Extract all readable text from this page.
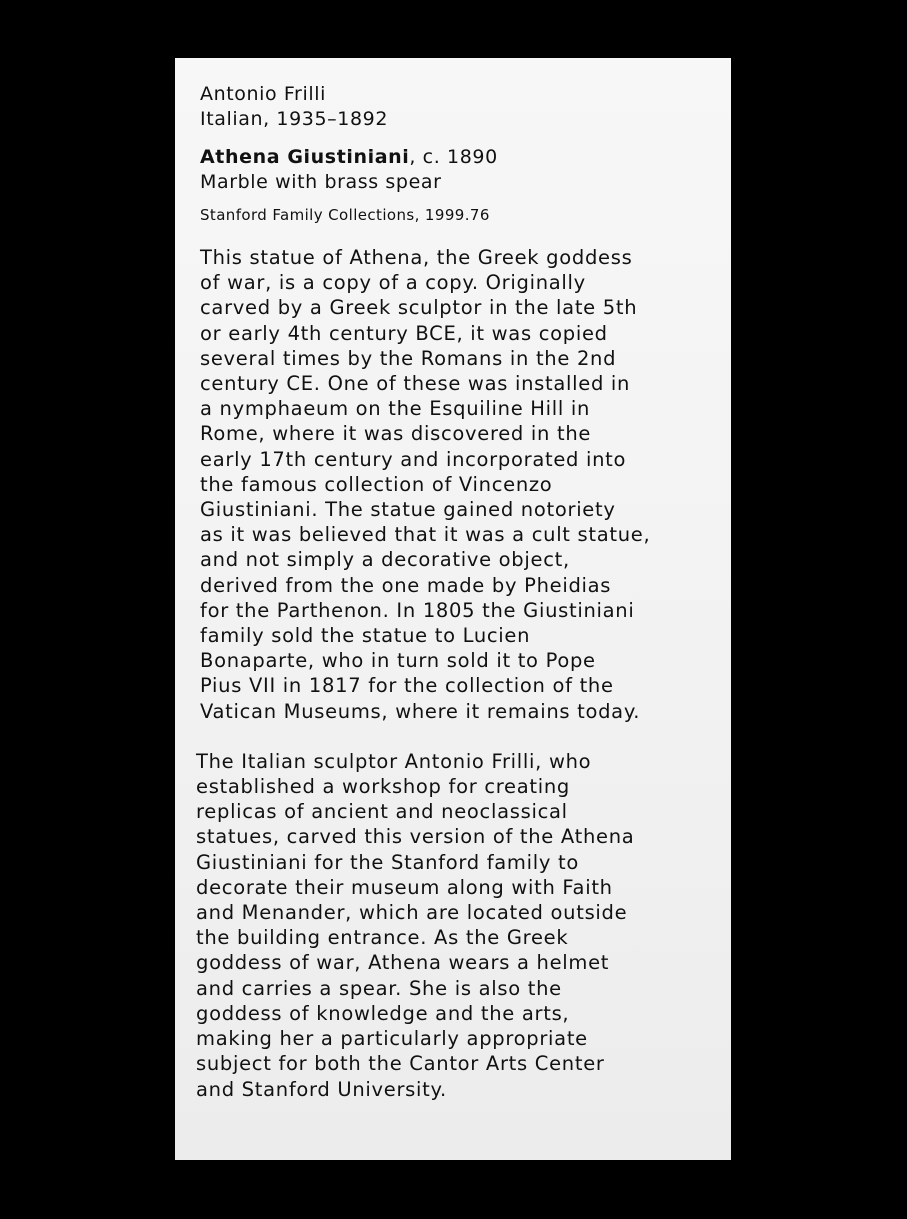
Antonio Frilli
Italian, 1935–1892
Athena Giustiniani, c. 1890
Marble with brass spear
Stanford Family Collections, 1999.76
This statue of Athena, the Greek goddess
of war, is a copy of a copy. Originally
carved by a Greek sculptor in the late 5th
or early 4th century BCE, it was copied
several times by the Romans in the 2nd
century CE. One of these was installed in
a nymphaeum on the Esquiline Hill in
Rome, where it was discovered in the
early 17th century and incorporated into
the famous collection of Vincenzo
Giustiniani. The statue gained notoriety
as it was believed that it was a cult statue,
and not simply a decorative object,
derived from the one made by Pheidias
for the Parthenon. In 1805 the Giustiniani
family sold the statue to Lucien
Bonaparte, who in turn sold it to Pope
Pius VII in 1817 for the collection of the
Vatican Museums, where it remains today.
The Italian sculptor Antonio Frilli, who
established a workshop for creating
replicas of ancient and neoclassical
statues, carved this version of the Athena
Giustiniani for the Stanford family to
decorate their museum along with Faith
and Menander, which are located outside
the building entrance. As the Greek
goddess of war, Athena wears a helmet
and carries a spear. She is also the
goddess of knowledge and the arts,
making her a particularly appropriate
subject for both the Cantor Arts Center
and Stanford University.
